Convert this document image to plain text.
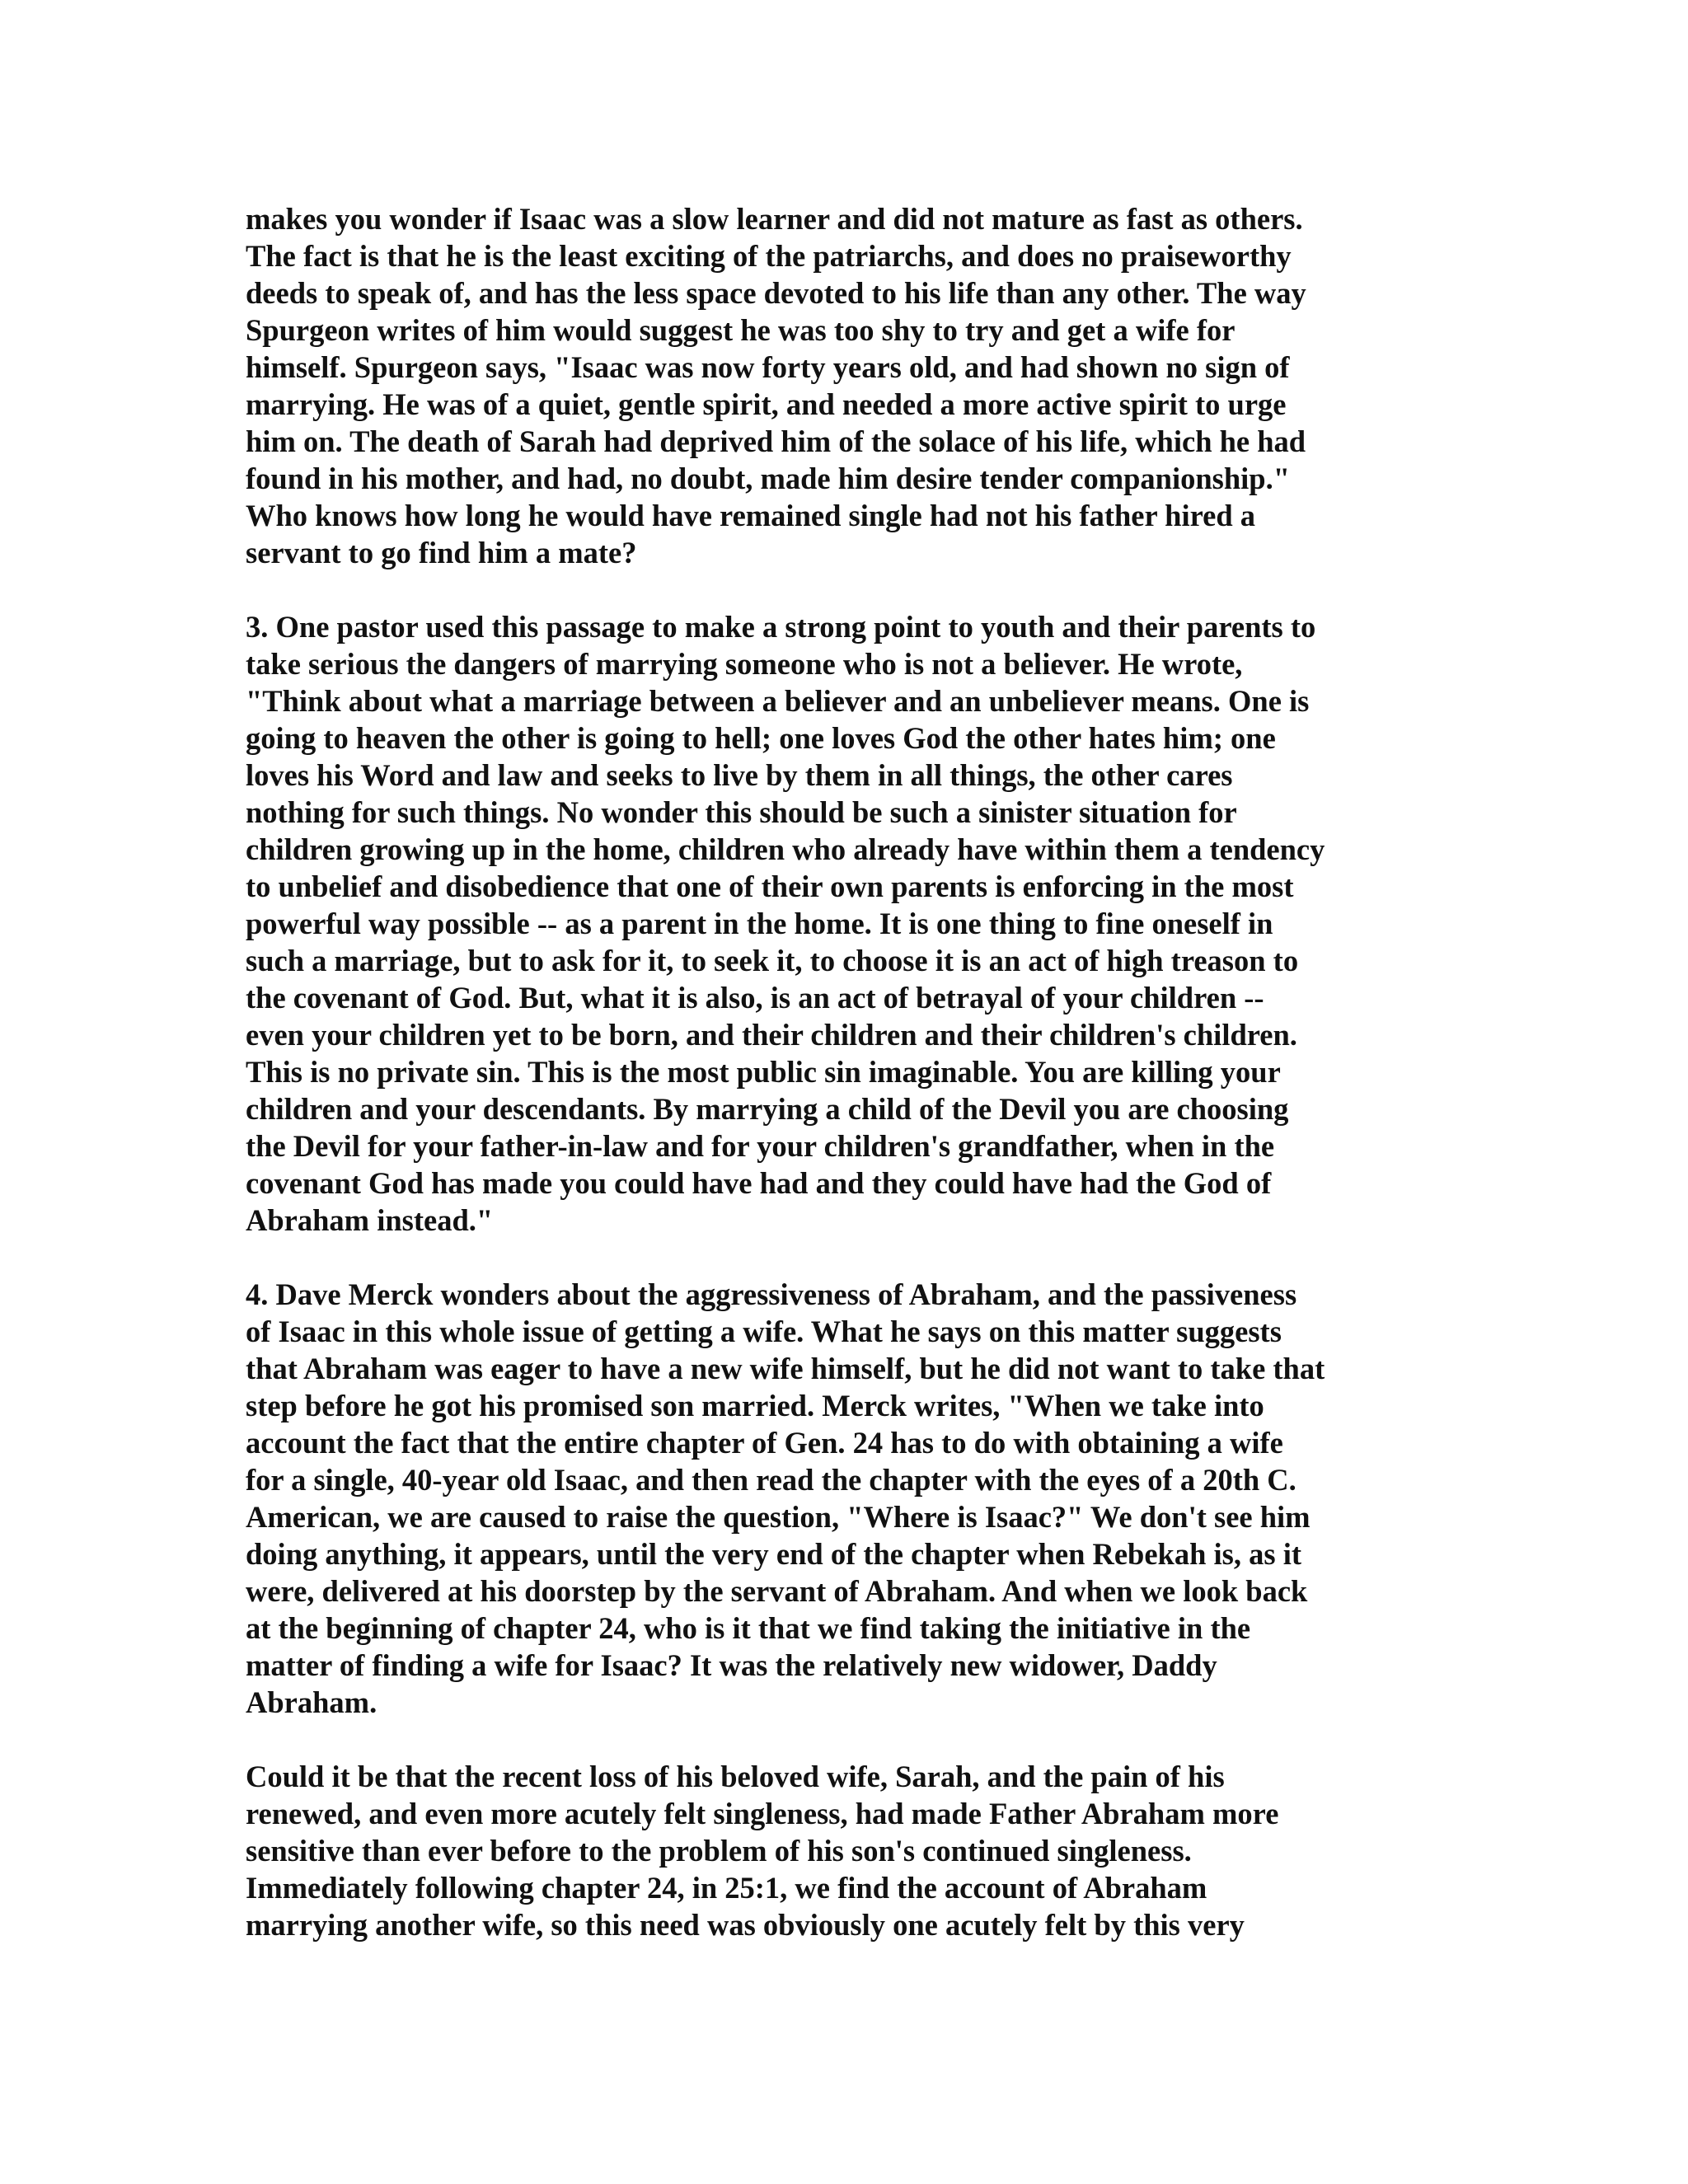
makes you wonder if Isaac was a slow learner and did not mature as fast as others.
The fact is that he is the least exciting of the patriarchs, and does no praiseworthy
deeds to speak of, and has the less space devoted to his life than any other. The way
Spurgeon writes of him would suggest he was too shy to try and get a wife for
himself. Spurgeon says, "Isaac was now forty years old, and had shown no sign of
marrying. He was of a quiet, gentle spirit, and needed a more active spirit to urge
him on. The death of Sarah had deprived him of the solace of his life, which he had
found in his mother, and had, no doubt, made him desire tender companionship."
Who knows how long he would have remained single had not his father hired a
servant to go find him a mate?
3. One pastor used this passage to make a strong point to youth and their parents to
take serious the dangers of marrying someone who is not a believer. He wrote,
"Think about what a marriage between a believer and an unbeliever means. One is
going to heaven the other is going to hell; one loves God the other hates him; one
loves his Word and law and seeks to live by them in all things, the other cares
nothing for such things. No wonder this should be such a sinister situation for
children growing up in the home, children who already have within them a tendency
to unbelief and disobedience that one of their own parents is enforcing in the most
powerful way possible -- as a parent in the home. It is one thing to fine oneself in
such a marriage, but to ask for it, to seek it, to choose it is an act of high treason to
the covenant of God. But, what it is also, is an act of betrayal of your children --
even your children yet to be born, and their children and their children's children.
This is no private sin. This is the most public sin imaginable. You are killing your
children and your descendants. By marrying a child of the Devil you are choosing
the Devil for your father-in-law and for your children's grandfather, when in the
covenant God has made you could have had and they could have had the God of
Abraham instead."
4. Dave Merck wonders about the aggressiveness of Abraham, and the passiveness
of Isaac in this whole issue of getting a wife. What he says on this matter suggests
that Abraham was eager to have a new wife himself, but he did not want to take that
step before he got his promised son married. Merck writes, "When we take into
account the fact that the entire chapter of Gen. 24 has to do with obtaining a wife
for a single, 40-year old Isaac, and then read the chapter with the eyes of a 20th C.
American, we are caused to raise the question, "Where is Isaac?" We don't see him
doing anything, it appears, until the very end of the chapter when Rebekah is, as it
were, delivered at his doorstep by the servant of Abraham. And when we look back
at the beginning of chapter 24, who is it that we find taking the initiative in the
matter of finding a wife for Isaac? It was the relatively new widower, Daddy
Abraham.
Could it be that the recent loss of his beloved wife, Sarah, and the pain of his
renewed, and even more acutely felt singleness, had made Father Abraham more
sensitive than ever before to the problem of his son's continued singleness.
Immediately following chapter 24, in 25:1, we find the account of Abraham
marrying another wife, so this need was obviously one acutely felt by this very
